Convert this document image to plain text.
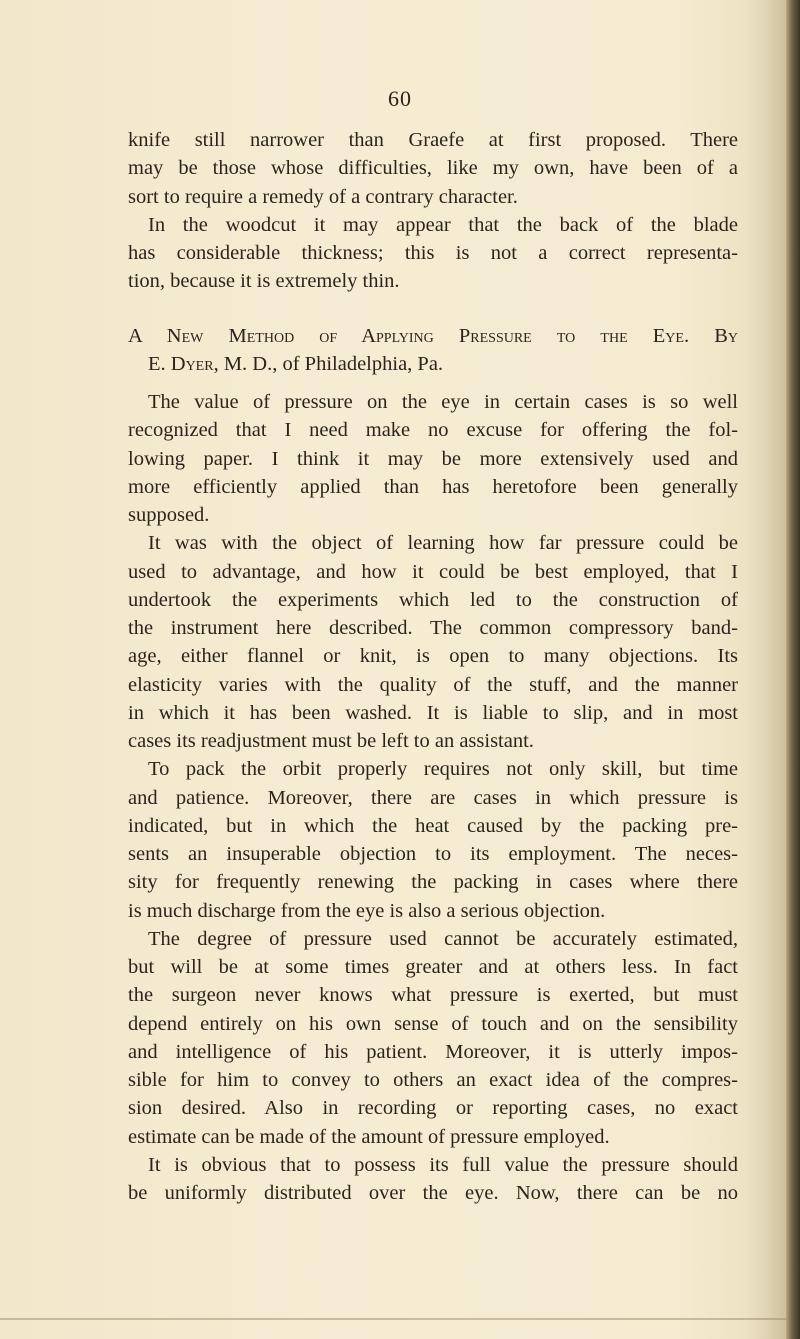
60
knife still narrower than Graefe at first proposed. There
may be those whose difficulties, like my own, have been of a
sort to require a remedy of a contrary character.
In the woodcut it may appear that the back of the blade
has considerable thickness; this is not a correct representa-
tion, because it is extremely thin.
A New Method of Applying Pressure to the Eye. By
E. Dyer, M. D., of Philadelphia, Pa.
The value of pressure on the eye in certain cases is so well
recognized that I need make no excuse for offering the fol-
lowing paper. I think it may be more extensively used and
more efficiently applied than has heretofore been generally
supposed.
It was with the object of learning how far pressure could be
used to advantage, and how it could be best employed, that I
undertook the experiments which led to the construction of
the instrument here described. The common compressory band-
age, either flannel or knit, is open to many objections. Its
elasticity varies with the quality of the stuff, and the manner
in which it has been washed. It is liable to slip, and in most
cases its readjustment must be left to an assistant.
To pack the orbit properly requires not only skill, but time
and patience. Moreover, there are cases in which pressure is
indicated, but in which the heat caused by the packing pre-
sents an insuperable objection to its employment. The neces-
sity for frequently renewing the packing in cases where there
is much discharge from the eye is also a serious objection.
The degree of pressure used cannot be accurately estimated,
but will be at some times greater and at others less. In fact
the surgeon never knows what pressure is exerted, but must
depend entirely on his own sense of touch and on the sensibility
and intelligence of his patient. Moreover, it is utterly impos-
sible for him to convey to others an exact idea of the compres-
sion desired. Also in recording or reporting cases, no exact
estimate can be made of the amount of pressure employed.
It is obvious that to possess its full value the pressure should
be uniformly distributed over the eye. Now, there can be no
